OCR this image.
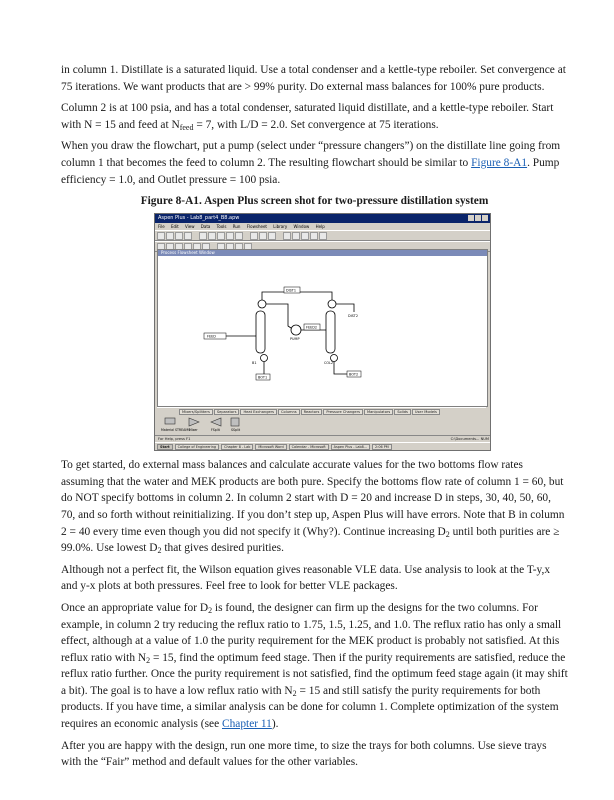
in column 1. Distillate is a saturated liquid. Use a total condenser and a kettle-type reboiler. Set convergence at 75 iterations. We want products that are > 99% purity. Do external mass balances for 100% pure products.

Column 2 is at 100 psia, and has a total condenser, saturated liquid distillate, and a kettle-type reboiler. Start with N = 15 and feed at $N_{feed} = 7$, with L/D = 2.0. Set convergence at 75 iterations.

When you draw the flowchart, put a pump (select under “pressure changers”) on the distillate line going from column 1 that becomes the feed to column 2. The resulting flowchart should be similar to Figure 8-A1. Pump efficiency = 1.0, and Outlet pressure = 100 psia.

Figure 8-A1. Aspen Plus screen shot for two-pressure distillation system
Aspen Plus - Lab8_part4_B8.apw
File Edit View Data Tools Run Flowsheet Library Window Help
Process Flowsheet Window
DIST1
FEED
FEED2
BOT1
BOT2
DIST2
B1
PUMP
COL2
Mixers/Splitters	Separators	Heat Exchangers	Columns	Reactors	Pressure Changers	Manipulators	Solids	User Models
Material STREAMS
Mixer	FSplit	SSplit
For Help, press F1	C:\Documents... NUM
Start	College of Engineering	Chapter 8 - Lab	Microsoft Word	Calendar - Microsoft	Aspen Plus - Lab8...	2:06 PM

To get started, do external mass balances and calculate accurate values for the two bottoms flow rates assuming that the water and MEK products are both pure. Specify the bottoms flow rate of column 1 = 60, but do NOT specify bottoms in column 2. In column 2 start with D = 20 and increase D in steps, 30, 40, 50, 60, 70, and so forth without reinitializing. If you don’t step up, Aspen Plus will have errors. Note that B in column 2 = 40 every time even though you did not specify it (Why?). Continue increasing $D_2$ until both purities are ≥ 99.0%. Use lowest $D_2$ that gives desired purities.

Although not a perfect fit, the Wilson equation gives reasonable VLE data. Use analysis to look at the T-y,x and y-x plots at both pressures. Feel free to look for better VLE packages.

Once an appropriate value for $D_2$ is found, the designer can firm up the designs for the two columns. For example, in column 2 try reducing the reflux ratio to 1.75, 1.5, 1.25, and 1.0. The reflux ratio has only a small effect, although at a value of 1.0 the purity requirement for the MEK product is probably not satisfied. At this reflux ratio with $N_2 = 15$, find the optimum feed stage. Then if the purity requirements are satisfied, reduce the reflux ratio further. Once the purity requirement is not satisfied, find the optimum feed stage again (it may shift a bit). The goal is to have a low reflux ratio with $N_2 = 15$ and still satisfy the purity requirements for both products. If you have time, a similar analysis can be done for column 1. Complete optimization of the system requires an economic analysis (see Chapter 11).

After you are happy with the design, run one more time, to size the trays for both columns. Use sieve trays with the “Fair” method and default values for the other variables.
